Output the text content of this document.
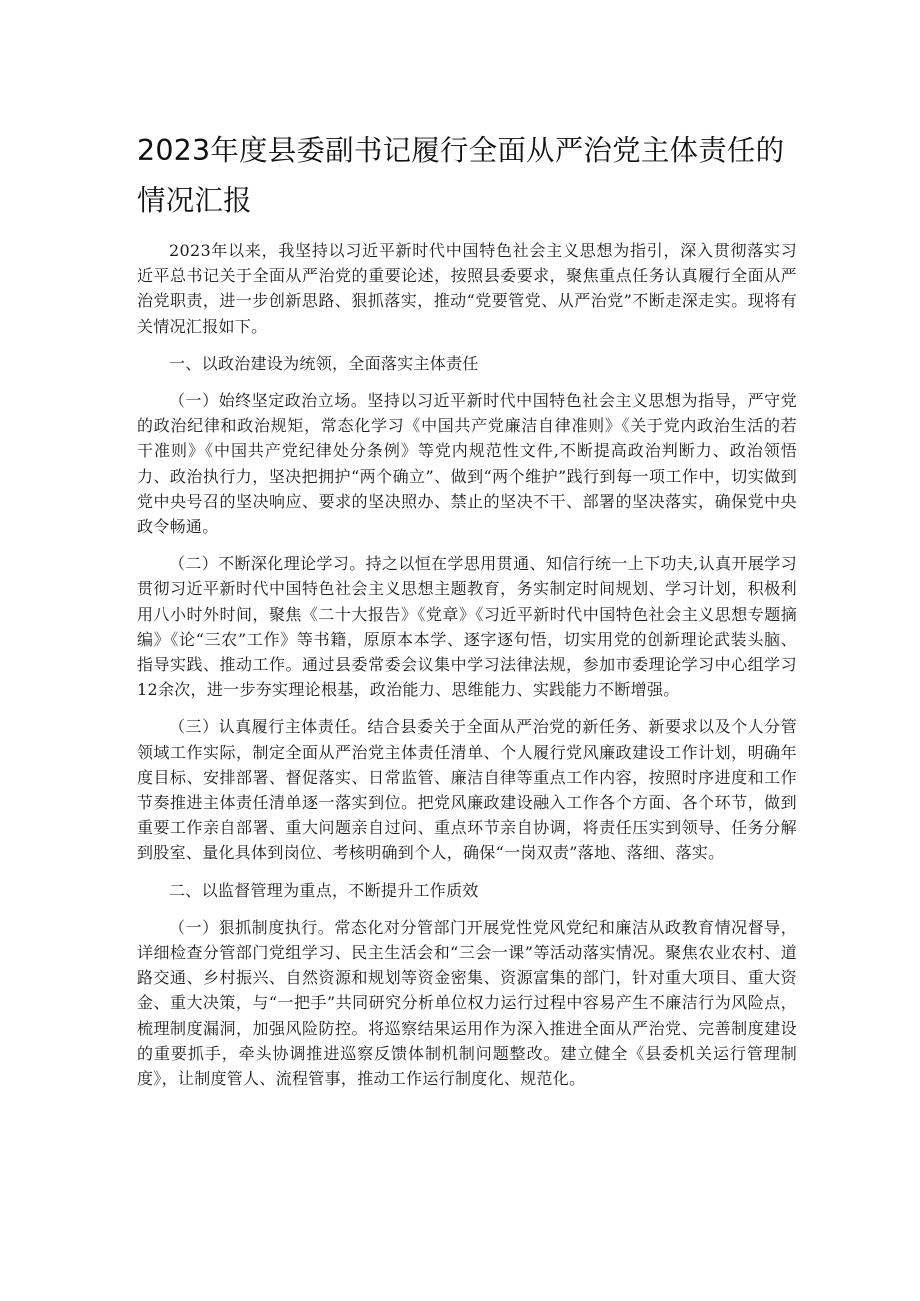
2023年度县委副书记履行全面从严治党主体责任的情况汇报

2023年以来，我坚持以习近平新时代中国特色社会主义思想为指引，深入贯彻落实习近平总书记关于全面从严治党的重要论述，按照县委要求，聚焦重点任务认真履行全面从严治党职责，进一步创新思路、狠抓落实，推动“党要管党、从严治党”不断走深走实。现将有关情况汇报如下。

一、以政治建设为统领，全面落实主体责任

（一）始终坚定政治立场。坚持以习近平新时代中国特色社会主义思想为指导，严守党的政治纪律和政治规矩，常态化学习《中国共产党廉洁自律准则》《关于党内政治生活的若干准则》《中国共产党纪律处分条例》等党内规范性文件,不断提高政治判断力、政治领悟力、政治执行力，坚决把拥护“两个确立”、做到“两个维护”践行到每一项工作中，切实做到党中央号召的坚决响应、要求的坚决照办、禁止的坚决不干、部署的坚决落实，确保党中央政令畅通。

（二）不断深化理论学习。持之以恒在学思用贯通、知信行统一上下功夫,认真开展学习贯彻习近平新时代中国特色社会主义思想主题教育，务实制定时间规划、学习计划，积极利用八小时外时间，聚焦《二十大报告》《党章》《习近平新时代中国特色社会主义思想专题摘编》《论“三农”工作》等书籍，原原本本学、逐字逐句悟，切实用党的创新理论武装头脑、指导实践、推动工作。通过县委常委会议集中学习法律法规，参加市委理论学习中心组学习12余次，进一步夯实理论根基，政治能力、思维能力、实践能力不断增强。

（三）认真履行主体责任。结合县委关于全面从严治党的新任务、新要求以及个人分管领域工作实际，制定全面从严治党主体责任清单、个人履行党风廉政建设工作计划，明确年度目标、安排部署、督促落实、日常监管、廉洁自律等重点工作内容，按照时序进度和工作节奏推进主体责任清单逐一落实到位。把党风廉政建设融入工作各个方面、各个环节，做到重要工作亲自部署、重大问题亲自过问、重点环节亲自协调，将责任压实到领导、任务分解到股室、量化具体到岗位、考核明确到个人，确保“一岗双责”落地、落细、落实。

二、以监督管理为重点，不断提升工作质效

（一）狠抓制度执行。常态化对分管部门开展党性党风党纪和廉洁从政教育情况督导，详细检查分管部门党组学习、民主生活会和“三会一课”等活动落实情况。聚焦农业农村、道路交通、乡村振兴、自然资源和规划等资金密集、资源富集的部门，针对重大项目、重大资金、重大决策，与“一把手”共同研究分析单位权力运行过程中容易产生不廉洁行为风险点，梳理制度漏洞，加强风险防控。将巡察结果运用作为深入推进全面从严治党、完善制度建设的重要抓手，牵头协调推进巡察反馈体制机制问题整改。建立健全《县委机关运行管理制度》，让制度管人、流程管事，推动工作运行制度化、规范化。
